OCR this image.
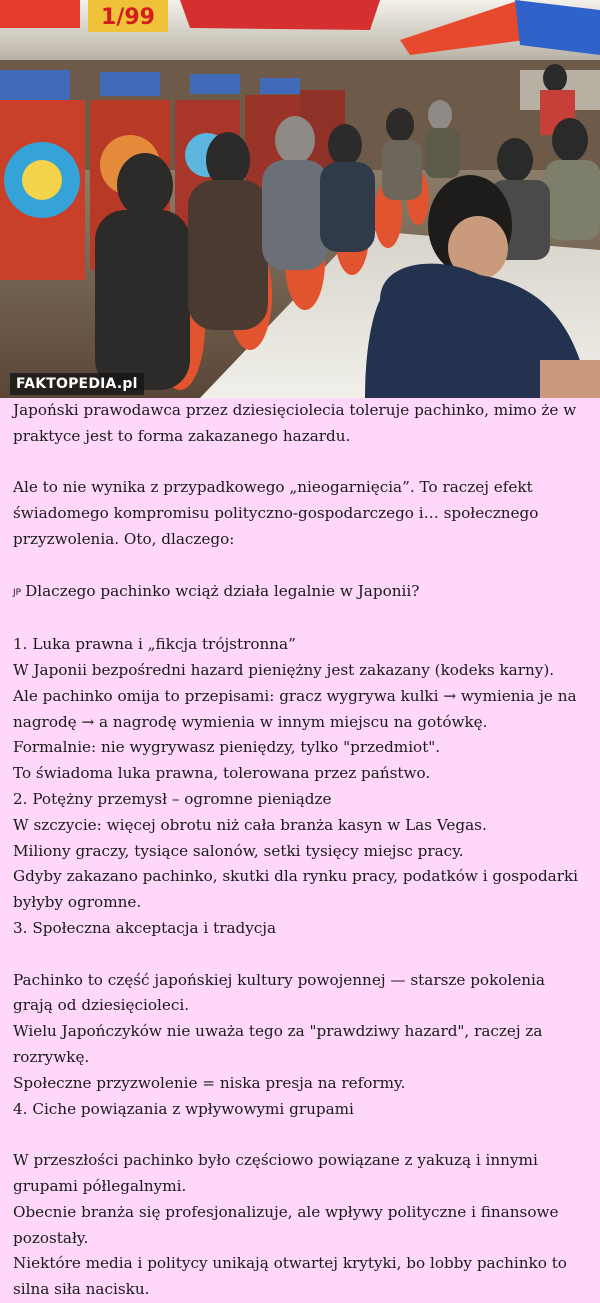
1/99
FAKTOPEDIA.pl

Japoński prawodawca przez dziesięciolecia toleruje pachinko, mimo że w praktyce jest to forma zakazanego hazardu.

Ale to nie wynika z przypadkowego „nieogarnięcia”. To raczej efekt świadomego kompromisu polityczno-gospodarczego i… społecznego przyzwolenia. Oto, dlaczego:

JP Dlaczego pachinko wciąż działa legalnie w Japonii?

1. Luka prawna i „fikcja trójstronna”

W Japonii bezpośredni hazard pieniężny jest zakazany (kodeks karny).

Ale pachinko omija to przepisami: gracz wygrywa kulki → wymienia je na nagrodę → a nagrodę wymienia w innym miejscu na gotówkę.

Formalnie: nie wygrywasz pieniędzy, tylko "przedmiot".

To świadoma luka prawna, tolerowana przez państwo.

2. Potężny przemysł – ogromne pieniądze

W szczycie: więcej obrotu niż cała branża kasyn w Las Vegas.

Miliony graczy, tysiące salonów, setki tysięcy miejsc pracy.

Gdyby zakazano pachinko, skutki dla rynku pracy, podatków i gospodarki byłyby ogromne.

3. Społeczna akceptacja i tradycja

Pachinko to część japońskiej kultury powojennej — starsze pokolenia grają od dziesięcioleci.

Wielu Japończyków nie uważa tego za "prawdziwy hazard", raczej za rozrywkę.

Społeczne przyzwolenie = niska presja na reformy.

4. Ciche powiązania z wpływowymi grupami

W przeszłości pachinko było częściowo powiązane z yakuzą i innymi grupami półlegalnymi.

Obecnie branża się profesjonalizuje, ale wpływy polityczne i finansowe pozostały.

Niektóre media i politycy unikają otwartej krytyki, bo lobby pachinko to silna siła nacisku.
